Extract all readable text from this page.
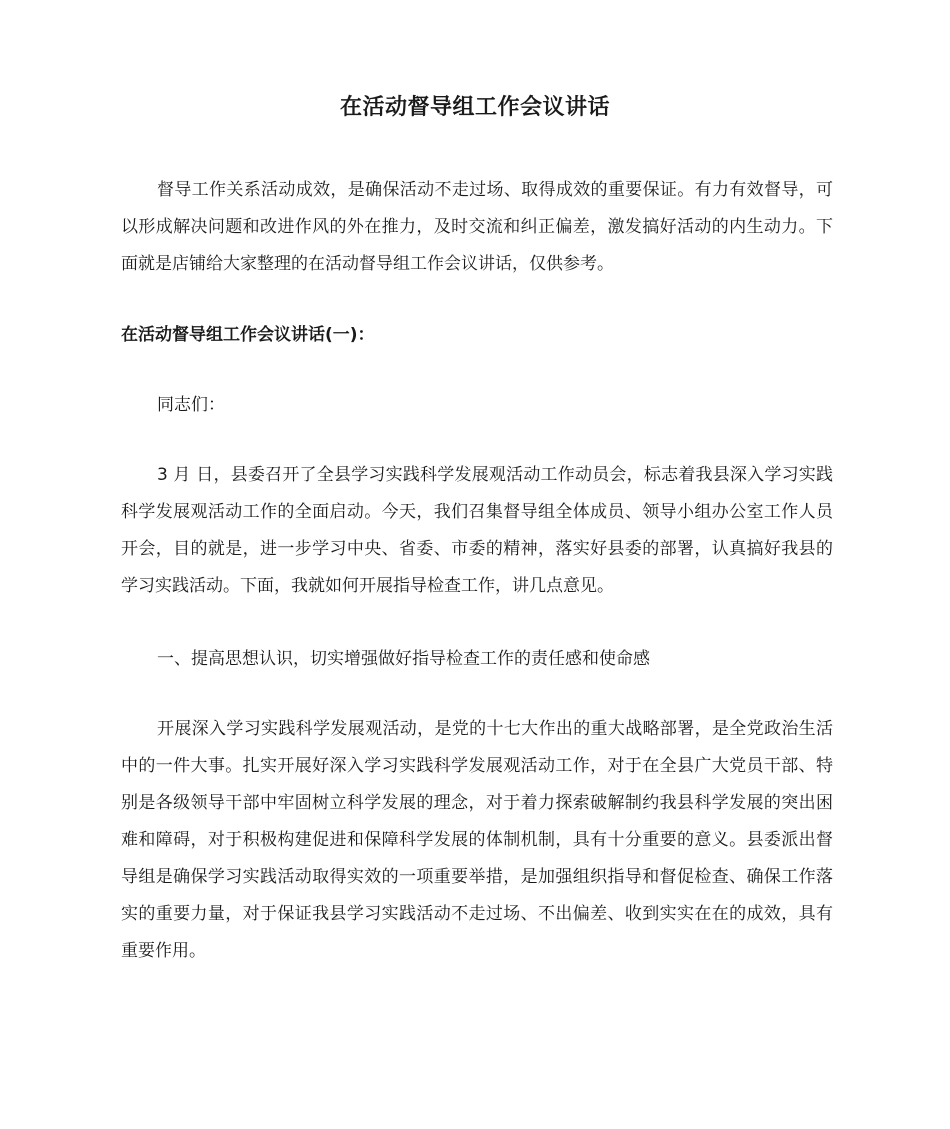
在活动督导组工作会议讲话

督导工作关系活动成效，是确保活动不走过场、取得成效的重要保证。有力有效督导，可以形成解决问题和改进作风的外在推力，及时交流和纠正偏差，激发搞好活动的内生动力。下面就是店铺给大家整理的在活动督导组工作会议讲话，仅供参考。

在活动督导组工作会议讲话(一)：

同志们：

3 月 日，县委召开了全县学习实践科学发展观活动工作动员会，标志着我县深入学习实践科学发展观活动工作的全面启动。今天，我们召集督导组全体成员、领导小组办公室工作人员开会，目的就是，进一步学习中央、省委、市委的精神，落实好县委的部署，认真搞好我县的学习实践活动。下面，我就如何开展指导检查工作，讲几点意见。

一、提高思想认识，切实增强做好指导检查工作的责任感和使命感

开展深入学习实践科学发展观活动，是党的十七大作出的重大战略部署，是全党政治生活中的一件大事。扎实开展好深入学习实践科学发展观活动工作，对于在全县广大党员干部、特别是各级领导干部中牢固树立科学发展的理念，对于着力探索破解制约我县科学发展的突出困难和障碍，对于积极构建促进和保障科学发展的体制机制，具有十分重要的意义。县委派出督导组是确保学习实践活动取得实效的一项重要举措，是加强组织指导和督促检查、确保工作落实的重要力量，对于保证我县学习实践活动不走过场、不出偏差、收到实实在在的成效，具有重要作用。
